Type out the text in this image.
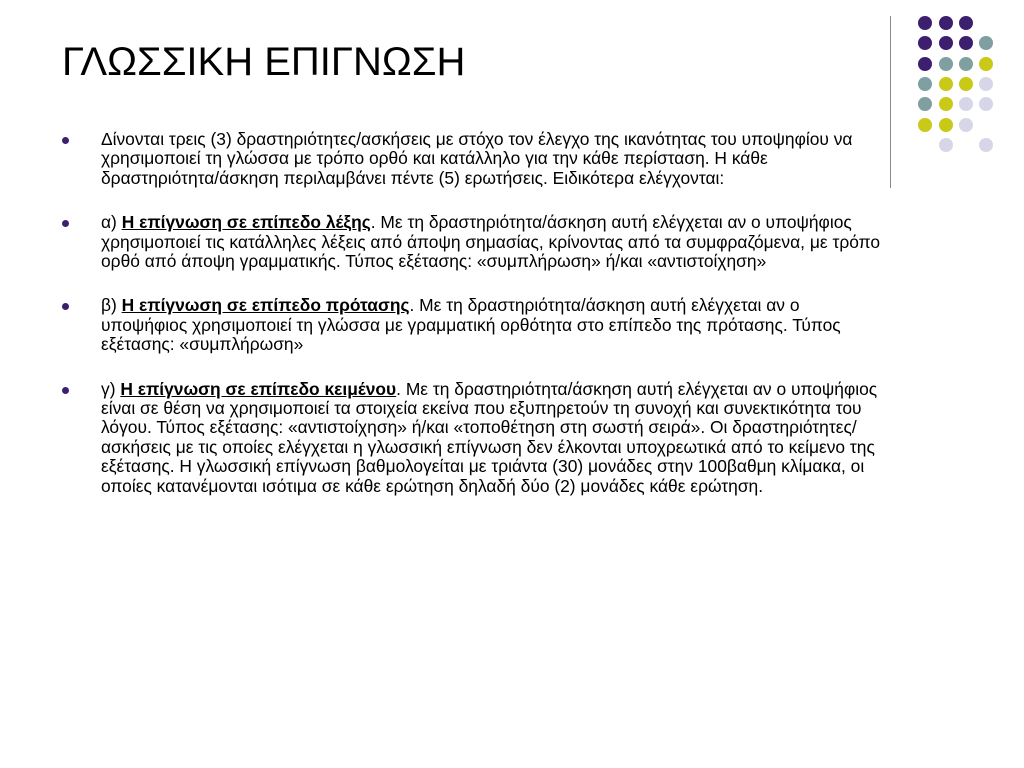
ΓΛΩΣΣΙΚΗ ΕΠΙΓΝΩΣΗ
Δίνονται τρεις (3) δραστηριότητες/ασκήσεις με στόχο τον έλεγχο της ικανότητας του υποψηφίου να χρησιμοποιεί τη γλώσσα με τρόπο ορθό και κατάλληλο για την κάθε περίσταση. Η κάθε δραστηριότητα/άσκηση περιλαμβάνει πέντε (5) ερωτήσεις. Ειδικότερα ελέγχονται:
α) Η επίγνωση σε επίπεδο λέξης. Με τη δραστηριότητα/άσκηση αυτή ελέγχεται αν ο υποψήφιος χρησιμοποιεί τις κατάλληλες λέξεις από άποψη σημασίας, κρίνοντας από τα συμφραζόμενα, με τρόπο ορθό από άποψη γραμματικής. Τύπος εξέτασης: «συμπλήρωση» ή/και «αντιστοίχηση»
β) Η επίγνωση σε επίπεδο πρότασης. Με τη δραστηριότητα/άσκηση αυτή ελέγχεται αν ο υποψήφιος χρησιμοποιεί τη γλώσσα με γραμματική ορθότητα στο επίπεδο της πρότασης. Τύπος εξέτασης: «συμπλήρωση»
γ) Η επίγνωση σε επίπεδο κειμένου. Με τη δραστηριότητα/άσκηση αυτή ελέγχεται αν ο υποψήφιος είναι σε θέση να χρησιμοποιεί τα στοιχεία εκείνα που εξυπηρετούν τη συνοχή και συνεκτικότητα του λόγου. Τύπος εξέτασης: «αντιστοίχηση» ή/και «τοποθέτηση στη σωστή σειρά». Οι δραστηριότητες/ασκήσεις με τις οποίες ελέγχεται η γλωσσική επίγνωση δεν έλκονται υποχρεωτικά από το κείμενο της εξέτασης. Η γλωσσική επίγνωση βαθμολογείται με τριάντα (30) μονάδες στην 100βαθμη κλίμακα, οι οποίες κατανέμονται ισότιμα σε κάθε ερώτηση δηλαδή δύο (2) μονάδες κάθε ερώτηση.
